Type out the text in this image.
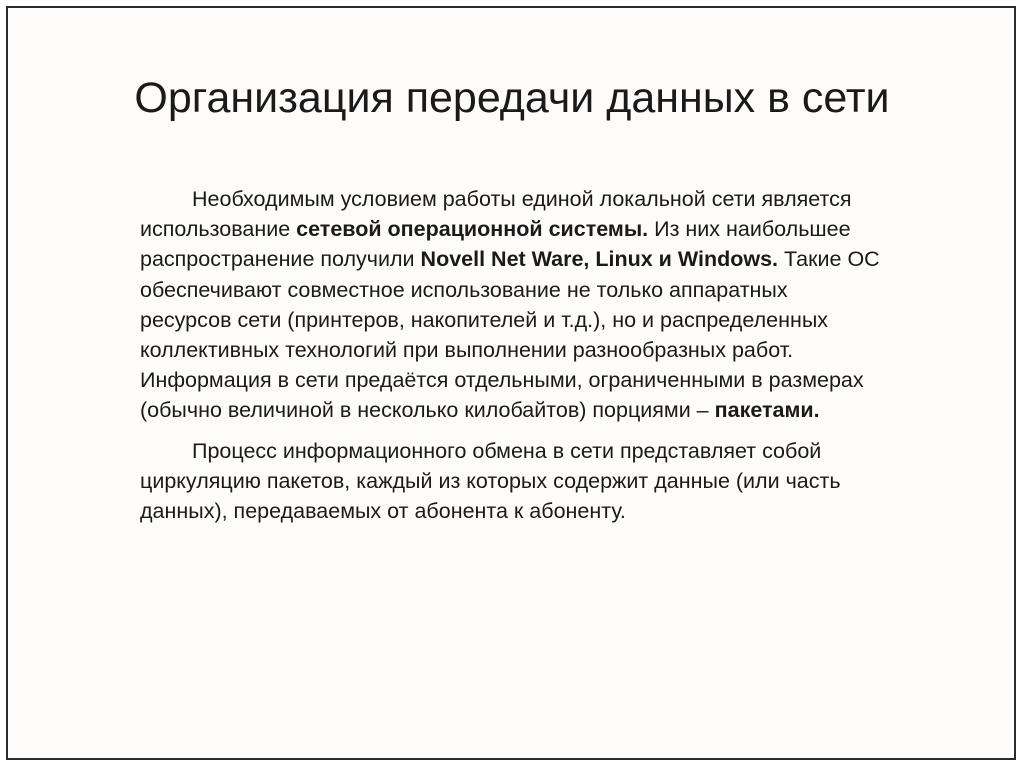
Организация передачи данных в сети

Необходимым условием работы единой локальной сети является использование сетевой операционной системы. Из них наибольшее распространение получили Novell Net Ware, Linux и Windows. Такие ОС обеспечивают совместное использование не только аппаратных ресурсов сети (принтеров, накопителей и т.д.), но и распределенных коллективных технологий при выполнении разнообразных работ. Информация в сети предаётся отдельными, ограниченными в размерах (обычно величиной в несколько килобайтов) порциями – пакетами.

Процесс информационного обмена в сети представляет собой циркуляцию пакетов, каждый из которых содержит данные (или часть данных), передаваемых от абонента к абоненту.
